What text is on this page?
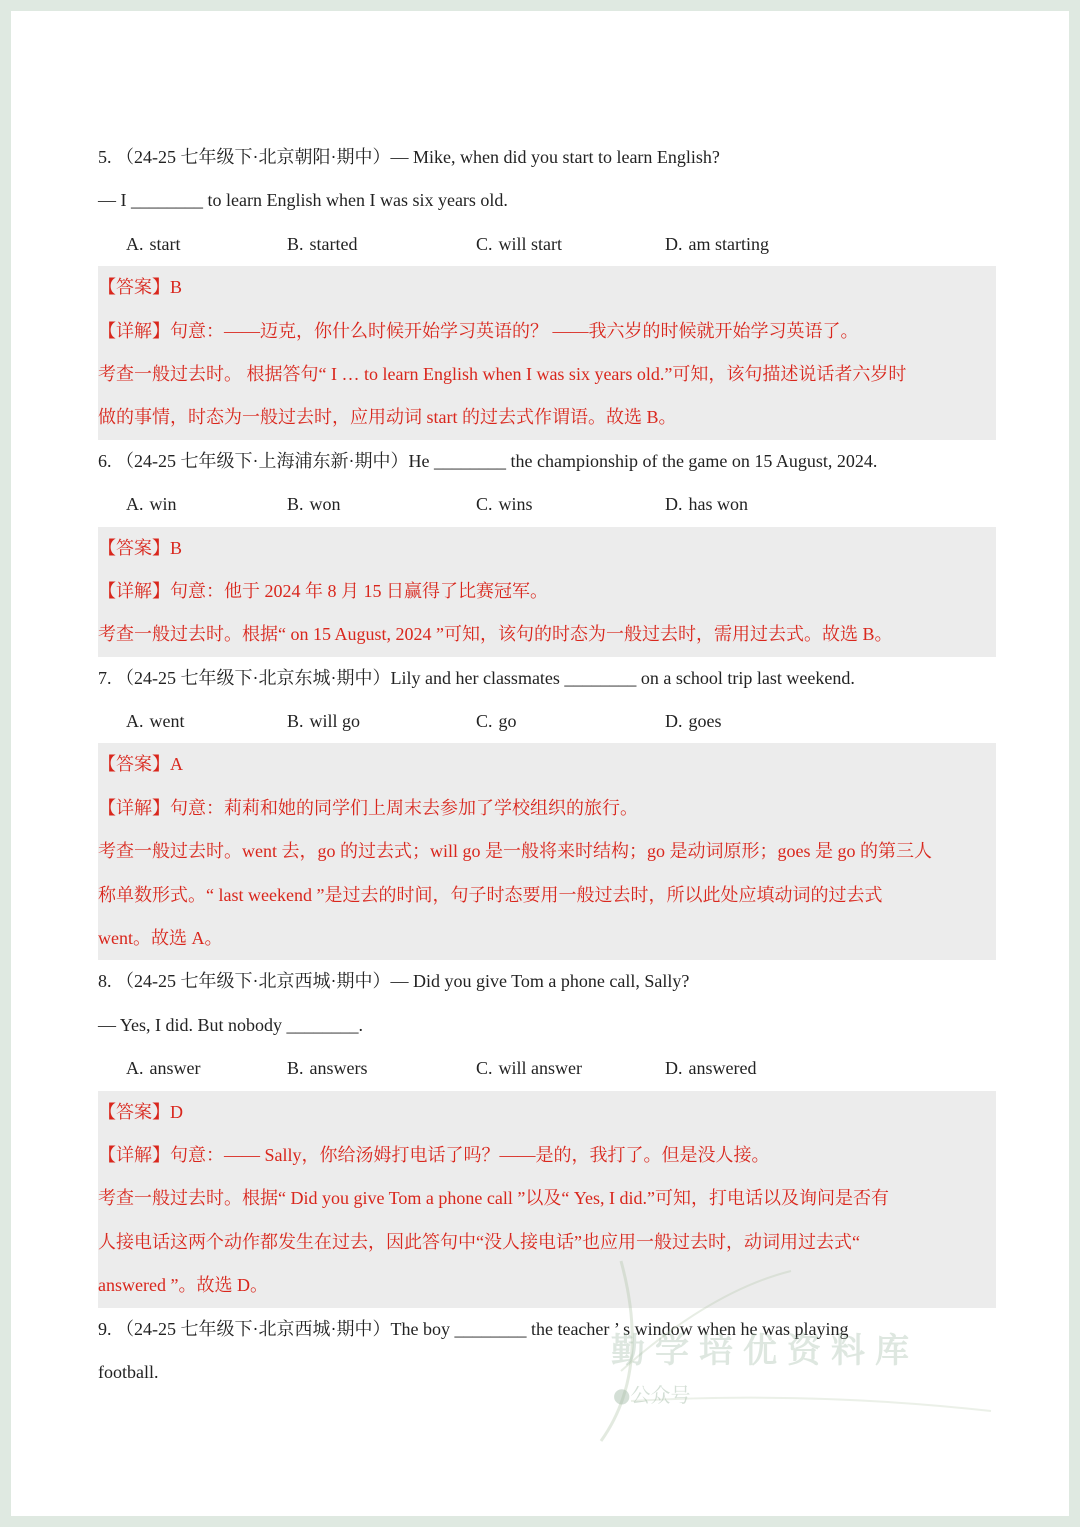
5. （24-25 七年级下·北京朝阳·期中）— Mike, when did you start to learn English?
— I ________ to learn English when I was six years old.
A. start	B. started	C. will start	D. am starting
【答案】B
【详解】句意：——迈克，你什么时候开始学习英语的？ ——我六岁的时候就开始学习英语了。
考查一般过去时。 根据答句“ I … to learn English when I was six years old.”可知，该句描述说话者六岁时
做的事情，时态为一般过去时，应用动词 start 的过去式作谓语。故选 B。
6. （24-25 七年级下·上海浦东新·期中）He ________ the championship of the game on 15 August, 2024.
A. win	B. won	C. wins	D. has won
【答案】B
【详解】句意：他于 2024 年 8 月 15 日赢得了比赛冠军。
考查一般过去时。根据“ on 15 August, 2024 ”可知，该句的时态为一般过去时，需用过去式。故选 B。
7. （24-25 七年级下·北京东城·期中）Lily and her classmates ________ on a school trip last weekend.
A. went	B. will go	C. go	D. goes
【答案】A
【详解】句意：莉莉和她的同学们上周末去参加了学校组织的旅行。
考查一般过去时。went 去，go 的过去式；will go 是一般将来时结构；go 是动词原形；goes 是 go 的第三人
称单数形式。“ last weekend ”是过去的时间，句子时态要用一般过去时，所以此处应填动词的过去式
went。故选 A。
8. （24-25 七年级下·北京西城·期中）— Did you give Tom a phone call, Sally?
— Yes, I did. But nobody ________.
A. answer	B. answers	C. will answer	D. answered
【答案】D
【详解】句意：—— Sally，你给汤姆打电话了吗？——是的，我打了。但是没人接。
考查一般过去时。根据“ Did you give Tom a phone call ”以及“ Yes, I did.”可知，打电话以及询问是否有
人接电话这两个动作都发生在过去，因此答句中“没人接电话”也应用一般过去时，动词用过去式“
answered ”。故选 D。
9. （24-25 七年级下·北京西城·期中）The boy ________ the teacher ’ s window when he was playing
football.
勤学培优资料库
●公众号
